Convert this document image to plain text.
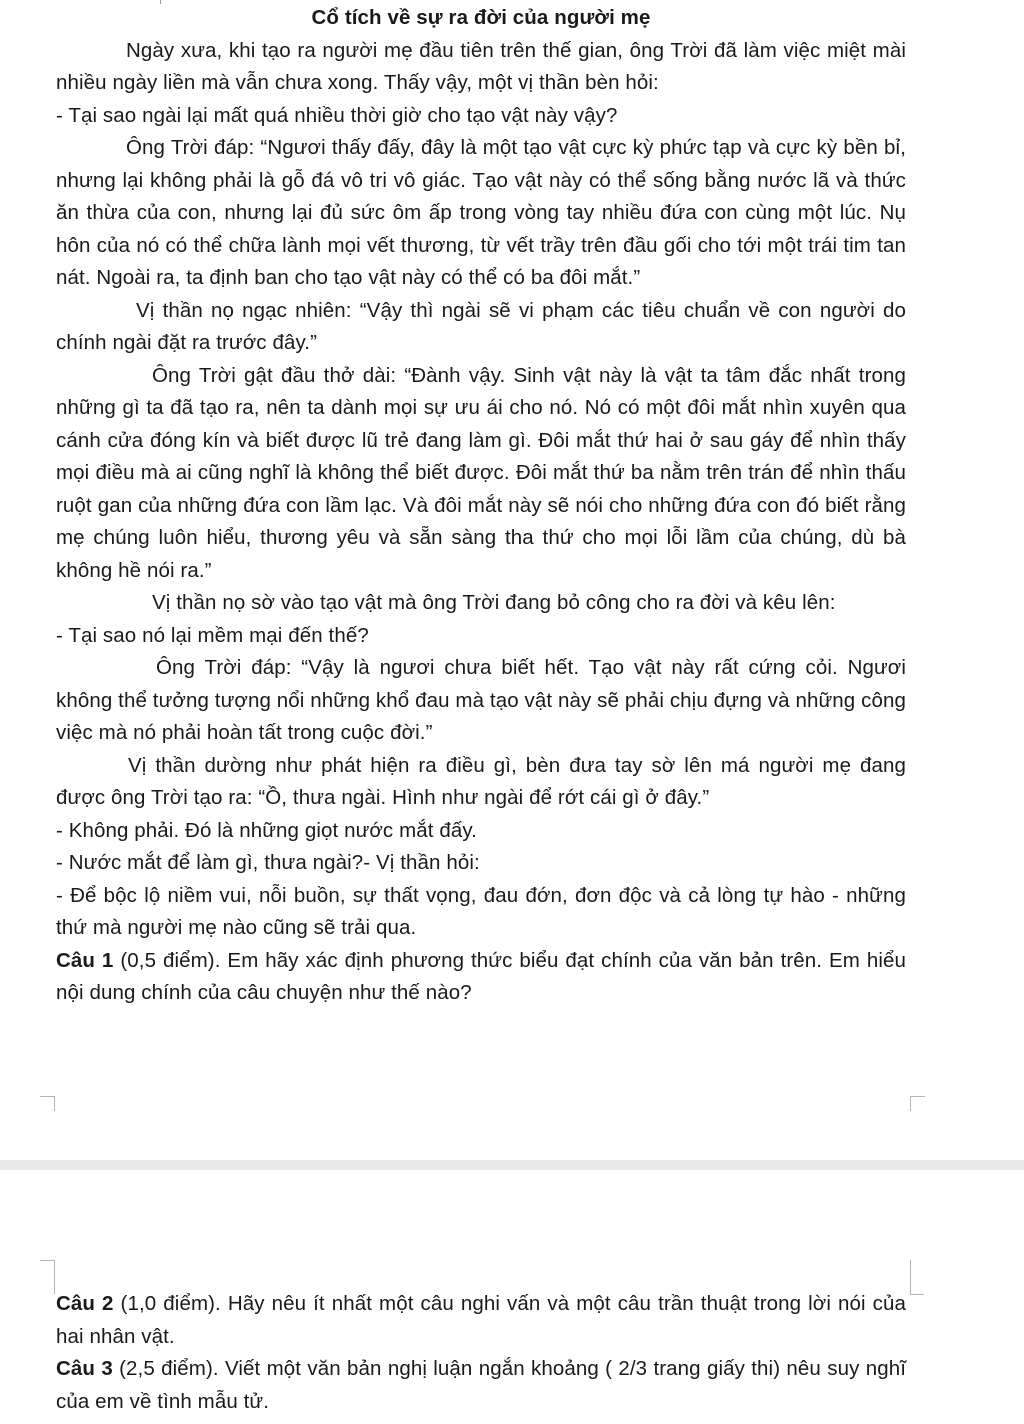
Cổ tích về sự ra đời của người mẹ

Ngày xưa, khi tạo ra người mẹ đầu tiên trên thế gian, ông Trời đã làm việc miệt mài nhiều ngày liền mà vẫn chưa xong. Thấy vậy, một vị thần bèn hỏi:

- Tại sao ngài lại mất quá nhiều thời giờ cho tạo vật này vậy?

Ông Trời đáp: “Ngươi thấy đấy, đây là một tạo vật cực kỳ phức tạp và cực kỳ bền bỉ, nhưng lại không phải là gỗ đá vô tri vô giác. Tạo vật này có thể sống bằng nước lã và thức ăn thừa của con, nhưng lại đủ sức ôm ấp trong vòng tay nhiều đứa con cùng một lúc. Nụ hôn của nó có thể chữa lành mọi vết thương, từ vết trầy trên đầu gối cho tới một trái tim tan nát. Ngoài ra, ta định ban cho tạo vật này có thể có ba đôi mắt.”

Vị thần nọ ngạc nhiên: “Vậy thì ngài sẽ vi phạm các tiêu chuẩn về con người do chính ngài đặt ra trước đây.”

Ông Trời gật đầu thở dài: “Đành vậy. Sinh vật này là vật ta tâm đắc nhất trong những gì ta đã tạo ra, nên ta dành mọi sự ưu ái cho nó. Nó có một đôi mắt nhìn xuyên qua cánh cửa đóng kín và biết được lũ trẻ đang làm gì. Đôi mắt thứ hai ở sau gáy để nhìn thấy mọi điều mà ai cũng nghĩ là không thể biết được. Đôi mắt thứ ba nằm trên trán để nhìn thấu ruột gan của những đứa con lầm lạc. Và đôi mắt này sẽ nói cho những đứa con đó biết rằng mẹ chúng luôn hiểu, thương yêu và sẵn sàng tha thứ cho mọi lỗi lầm của chúng, dù bà không hề nói ra.”

Vị thần nọ sờ vào tạo vật mà ông Trời đang bỏ công cho ra đời và kêu lên:

- Tại sao nó lại mềm mại đến thế?

Ông Trời đáp: “Vậy là ngươi chưa biết hết. Tạo vật này rất cứng cỏi. Ngươi không thể tưởng tượng nổi những khổ đau mà tạo vật này sẽ phải chịu đựng và những công việc mà nó phải hoàn tất trong cuộc đời.”

Vị thần dường như phát hiện ra điều gì, bèn đưa tay sờ lên má người mẹ đang được ông Trời tạo ra: “Ồ, thưa ngài. Hình như ngài để rớt cái gì ở đây.”

- Không phải. Đó là những giọt nước mắt đấy.

- Nước mắt để làm gì, thưa ngài?- Vị thần hỏi:

- Để bộc lộ niềm vui, nỗi buồn, sự thất vọng, đau đớn, đơn độc và cả lòng tự hào - những thứ mà người mẹ nào cũng sẽ trải qua.

Câu 1 (0,5 điểm). Em hãy xác định phương thức biểu đạt chính của văn bản trên. Em hiểu nội dung chính của câu chuyện như thế nào?

Câu 2 (1,0 điểm). Hãy nêu ít nhất một câu nghi vấn và một câu trần thuật trong lời nói của hai nhân vật.

Câu 3 (2,5 điểm). Viết một văn bản nghị luận ngắn khoảng ( 2/3 trang giấy thi) nêu suy nghĩ của em về tình mẫu tử.
